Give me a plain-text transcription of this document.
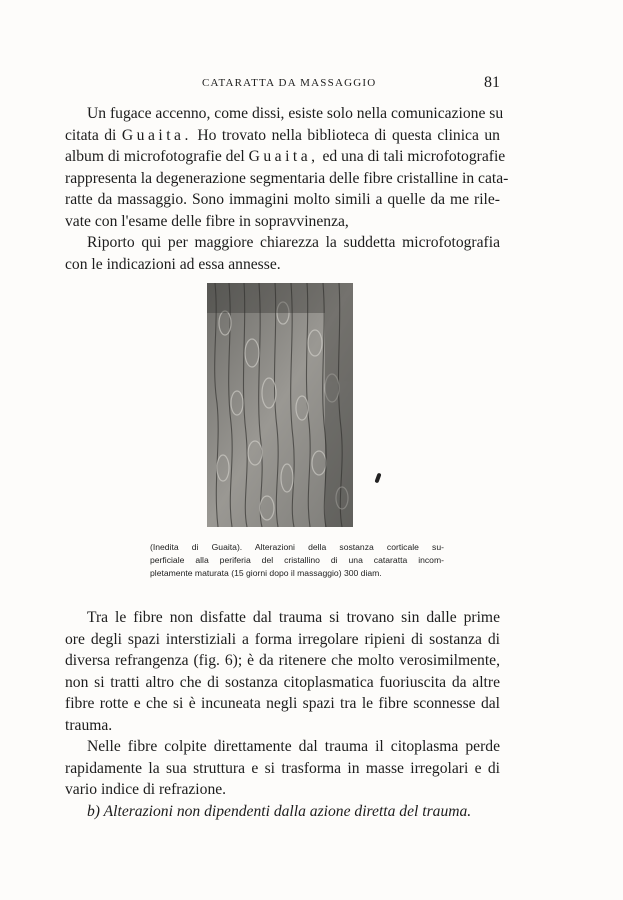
CATARATTA DA MASSAGGIO	81
Un fugace accenno, come dissi, esiste solo nella comunicazione su
citata di Guaita. Ho trovato nella biblioteca di questa clinica un
album di microfotografie del Guaita, ed una di tali microfotografie
rappresenta la degenerazione segmentaria delle fibre cristalline in cata-
ratte da massaggio. Sono immagini molto simili a quelle da me rile-
vate con l'esame delle fibre in sopravvinenza,
Riporto qui per maggiore chiarezza la suddetta microfotografia
con le indicazioni ad essa annesse.
(Inedita di Guaita). Alterazioni della sostanza corticale su-
perficiale alla periferia del cristallino di una cataratta incom-
pletamente maturata (15 giorni dopo il massaggio) 300 diam.
Tra le fibre non disfatte dal trauma si trovano sin dalle prime
ore degli spazi interstiziali a forma irregolare ripieni di sostanza di
diversa refrangenza (fig. 6); è da ritenere che molto verosimilmente,
non si tratti altro che di sostanza citoplasmatica fuoriuscita da altre
fibre rotte e che si è incuneata negli spazi tra le fibre sconnesse dal
trauma.
Nelle fibre colpite direttamente dal trauma il citoplasma perde
rapidamente la sua struttura e si trasforma in masse irregolari e di
vario indice di refrazione.
b) Alterazioni non dipendenti dalla azione diretta del trauma.
